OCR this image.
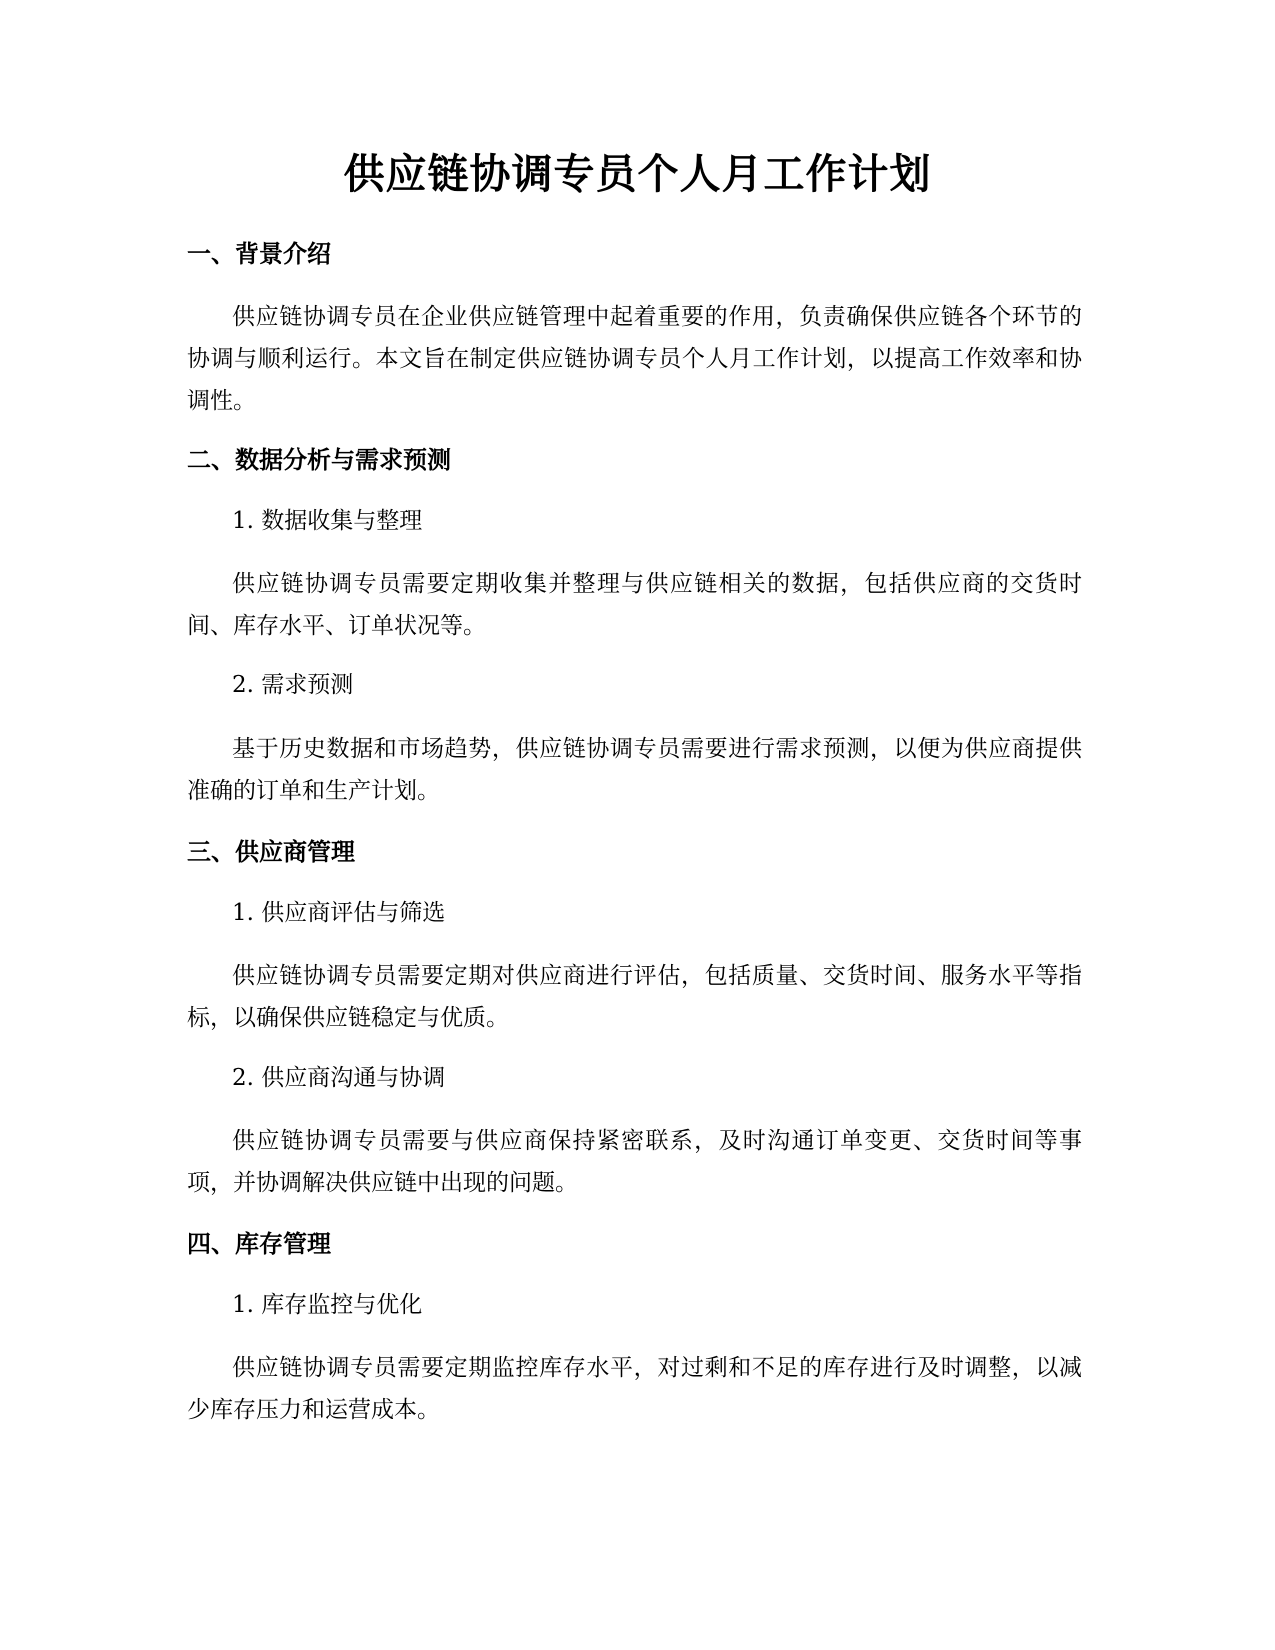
供应链协调专员个人月工作计划
一、背景介绍

供应链协调专员在企业供应链管理中起着重要的作用，负责确保供应链各个环节的协调与顺利运行。本文旨在制定供应链协调专员个人月工作计划，以提高工作效率和协调性。

二、数据分析与需求预测

1. 数据收集与整理

供应链协调专员需要定期收集并整理与供应链相关的数据，包括供应商的交货时间、库存水平、订单状况等。

2. 需求预测

基于历史数据和市场趋势，供应链协调专员需要进行需求预测，以便为供应商提供准确的订单和生产计划。

三、供应商管理

1. 供应商评估与筛选

供应链协调专员需要定期对供应商进行评估，包括质量、交货时间、服务水平等指标，以确保供应链稳定与优质。

2. 供应商沟通与协调

供应链协调专员需要与供应商保持紧密联系，及时沟通订单变更、交货时间等事项，并协调解决供应链中出现的问题。

四、库存管理

1. 库存监控与优化

供应链协调专员需要定期监控库存水平，对过剩和不足的库存进行及时调整，以减少库存压力和运营成本。
